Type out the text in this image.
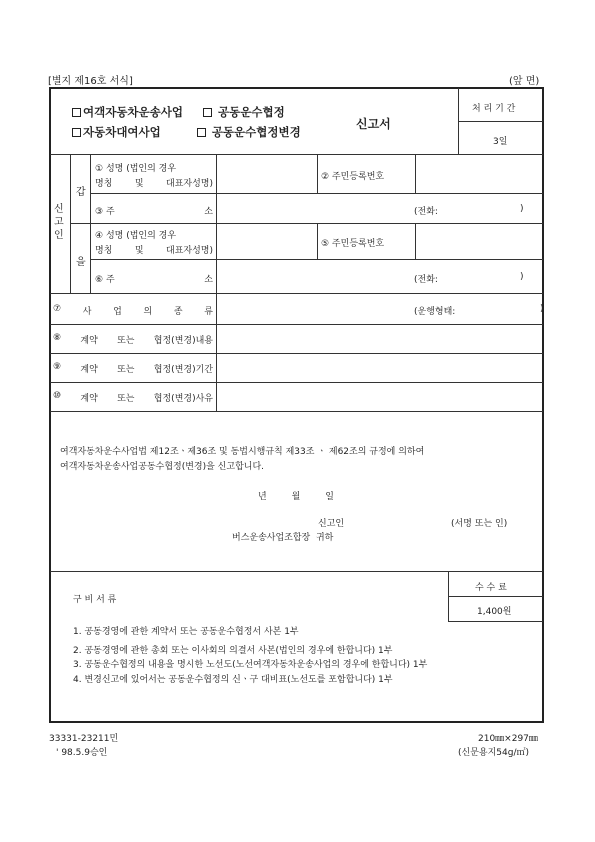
[별지 제16호 서식]	(앞 면)
여객자동차운송사업	공동운수협정
자동차대여사업	공동운수협정변경
신고서
처 리 기 간
3일
신
고
인
갑
을
① 성명 (법인의 경우
명칭 및 대표자성명)
② 주민등록번호
③ 주	소	(전화:	)
④ 성명 (법인의 경우
명칭 및 대표자성명)
⑤ 주민등록번호
⑥ 주	소	(전화:	)
⑦ 사 업 의 종 류	(운행형태:	)
⑧ 계약 또는 협정(변경)내용
⑨ 계약 또는 협정(변경)기간
⑩ 계약 또는 협정(변경)사유
여객자동차운수사업법 제12조ㆍ제36조 및 동법시행규칙 제33조 ㆍ 제62조의 규정에 의하여
여객자동차운송사업공동수협정(변경)을 신고합니다.
년	월	일
신고인	(서명 또는 인)
버스운송사업조합장 귀하
수 수 료
1,400원
구 비 서 류
1. 공동경영에 관한 계약서 또는 공동운수협정서 사본 1부
2. 공동경영에 관한 총회 또는 이사회의 의결서 사본(법인의 경우에 한합니다) 1부
3. 공동운수협정의 내용을 명시한 노선도(노선여객자동차운송사업의 경우에 한합니다) 1부
4. 변경신고에 있어서는 공동운수협정의 신ㆍ구 대비표(노선도를 포함합니다) 1부
33331-23211민
' 98.5.9승인
210㎜×297㎜
(신문용지54g/㎡)
